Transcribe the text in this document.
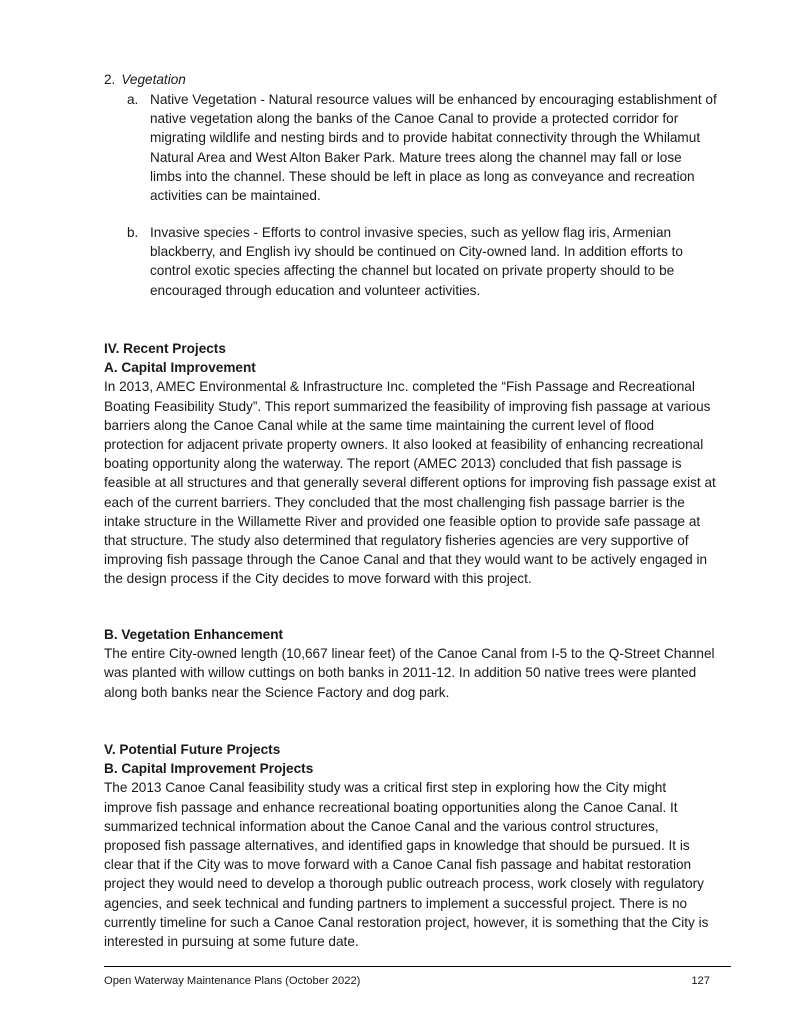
2. Vegetation
a. Native Vegetation - Natural resource values will be enhanced by encouraging establishment of native vegetation along the banks of the Canoe Canal to provide a protected corridor for migrating wildlife and nesting birds and to provide habitat connectivity through the Whilamut Natural Area and West Alton Baker Park. Mature trees along the channel may fall or lose limbs into the channel. These should be left in place as long as conveyance and recreation activities can be maintained.
b. Invasive species - Efforts to control invasive species, such as yellow flag iris, Armenian blackberry, and English ivy should be continued on City-owned land. In addition efforts to control exotic species affecting the channel but located on private property should to be encouraged through education and volunteer activities.
IV. Recent Projects
A. Capital Improvement

In 2013, AMEC Environmental & Infrastructure Inc. completed the “Fish Passage and Recreational Boating Feasibility Study”. This report summarized the feasibility of improving fish passage at various barriers along the Canoe Canal while at the same time maintaining the current level of flood protection for adjacent private property owners. It also looked at feasibility of enhancing recreational boating opportunity along the waterway. The report (AMEC 2013) concluded that fish passage is feasible at all structures and that generally several different options for improving fish passage exist at each of the current barriers. They concluded that the most challenging fish passage barrier is the intake structure in the Willamette River and provided one feasible option to provide safe passage at that structure. The study also determined that regulatory fisheries agencies are very supportive of improving fish passage through the Canoe Canal and that they would want to be actively engaged in the design process if the City decides to move forward with this project.

B. Vegetation Enhancement

The entire City-owned length (10,667 linear feet) of the Canoe Canal from I-5 to the Q-Street Channel was planted with willow cuttings on both banks in 2011-12. In addition 50 native trees were planted along both banks near the Science Factory and dog park.

V. Potential Future Projects
B. Capital Improvement Projects

The 2013 Canoe Canal feasibility study was a critical first step in exploring how the City might improve fish passage and enhance recreational boating opportunities along the Canoe Canal. It summarized technical information about the Canoe Canal and the various control structures, proposed fish passage alternatives, and identified gaps in knowledge that should be pursued. It is clear that if the City was to move forward with a Canoe Canal fish passage and habitat restoration project they would need to develop a thorough public outreach process, work closely with regulatory agencies, and seek technical and funding partners to implement a successful project. There is no currently timeline for such a Canoe Canal restoration project, however, it is something that the City is interested in pursuing at some future date.

Open Waterway Maintenance Plans (October 2022)	127
